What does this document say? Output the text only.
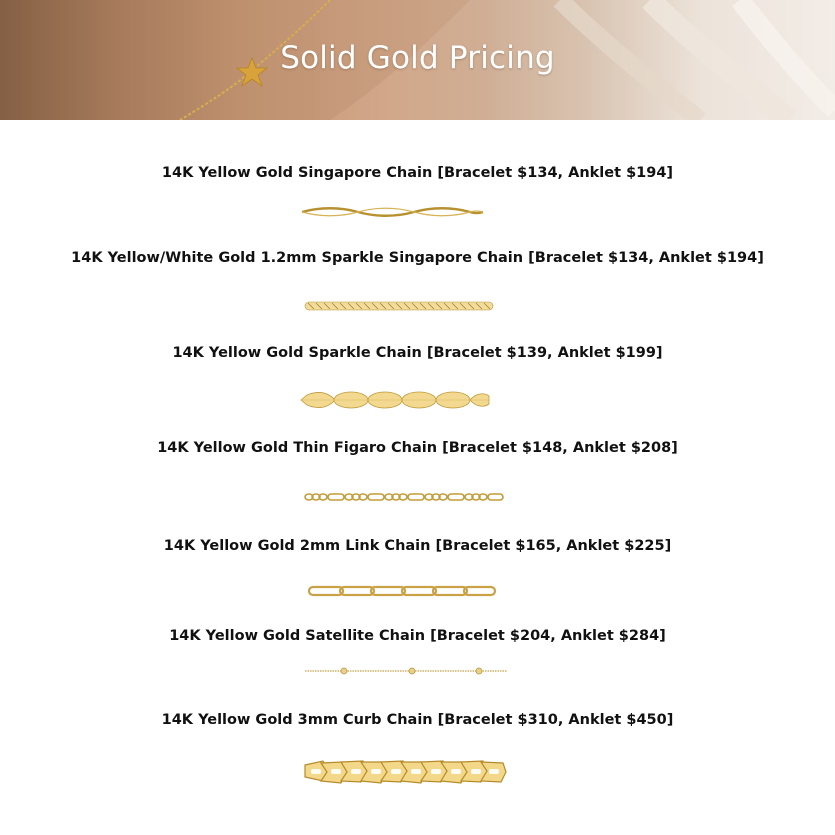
Solid Gold Pricing
14K Yellow Gold Singapore Chain [Bracelet $134, Anklet $194]
14K Yellow/White Gold 1.2mm Sparkle Singapore Chain [Bracelet $134, Anklet $194]
14K Yellow Gold Sparkle Chain [Bracelet $139, Anklet $199]
14K Yellow Gold Thin Figaro Chain [Bracelet $148, Anklet $208]
14K Yellow Gold 2mm Link Chain [Bracelet $165, Anklet $225]
14K Yellow Gold Satellite Chain [Bracelet $204, Anklet $284]
14K Yellow Gold 3mm Curb Chain [Bracelet $310, Anklet $450]
